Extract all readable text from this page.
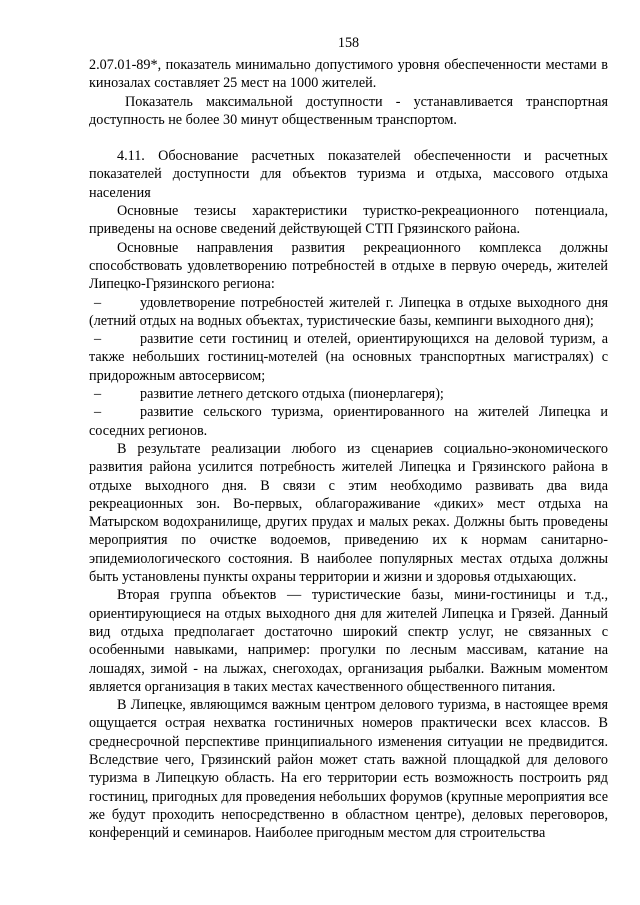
158

2.07.01-89*, показатель минимально допустимого уровня обеспеченности местами в кинозалах составляет 25 мест на 1000 жителей.

Показатель максимальной доступности - устанавливается транспортная доступность не более 30 минут общественным транспортом.

4.11. Обоснование расчетных показателей обеспеченности и расчетных показателей доступности для объектов туризма и отдыха, массового отдыха населения

Основные тезисы характеристики туристко-рекреационного потенциала, приведены на основе сведений действующей СТП Грязинского района.

Основные направления развития рекреационного комплекса должны способствовать удовлетворению потребностей в отдыхе в первую очередь, жителей Липецко-Грязинского региона:

–	удовлетворение потребностей жителей г. Липецка в отдыхе выходного дня (летний отдых на водных объектах, туристические базы, кемпинги выходного дня);

–	развитие сети гостиниц и отелей, ориентирующихся на деловой туризм, а также небольших гостиниц-мотелей (на основных транспортных магистралях) с придорожным автосервисом;

–	развитие летнего детского отдыха (пионерлагеря);

–	развитие сельского туризма, ориентированного на жителей Липецка и соседних регионов.

В результате реализации любого из сценариев социально-экономического развития района усилится потребность жителей Липецка и Грязинского района в отдыхе выходного дня. В связи с этим необходимо развивать два вида рекреационных зон. Во-первых, облагораживание «диких» мест отдыха на Матырском водохранилище, других прудах и малых реках. Должны быть проведены мероприятия по очистке водоемов, приведению их к нормам санитарно-эпидемиологического состояния. В наиболее популярных местах отдыха должны быть установлены пункты охраны территории и жизни и здоровья отдыхающих.

Вторая группа объектов — туристические базы, мини-гостиницы и т.д., ориентирующиеся на отдых выходного дня для жителей Липецка и Грязей. Данный вид отдыха предполагает достаточно широкий спектр услуг, не связанных с особенными навыками, например: прогулки по лесным массивам, катание на лошадях, зимой - на лыжах, снегоходах, организация рыбалки. Важным моментом является организация в таких местах качественного общественного питания.

В Липецке, являющимся важным центром делового туризма, в настоящее время ощущается острая нехватка гостиничных номеров практически всех классов. В среднесрочной перспективе принципиального изменения ситуации не предвидится. Вследствие чего, Грязинский район может стать важной площадкой для делового туризма в Липецкую область. На его территории есть возможность построить ряд гостиниц, пригодных для проведения небольших форумов (крупные мероприятия все же будут проходить непосредственно в областном центре), деловых переговоров, конференций и семинаров. Наиболее пригодным местом для строительства
